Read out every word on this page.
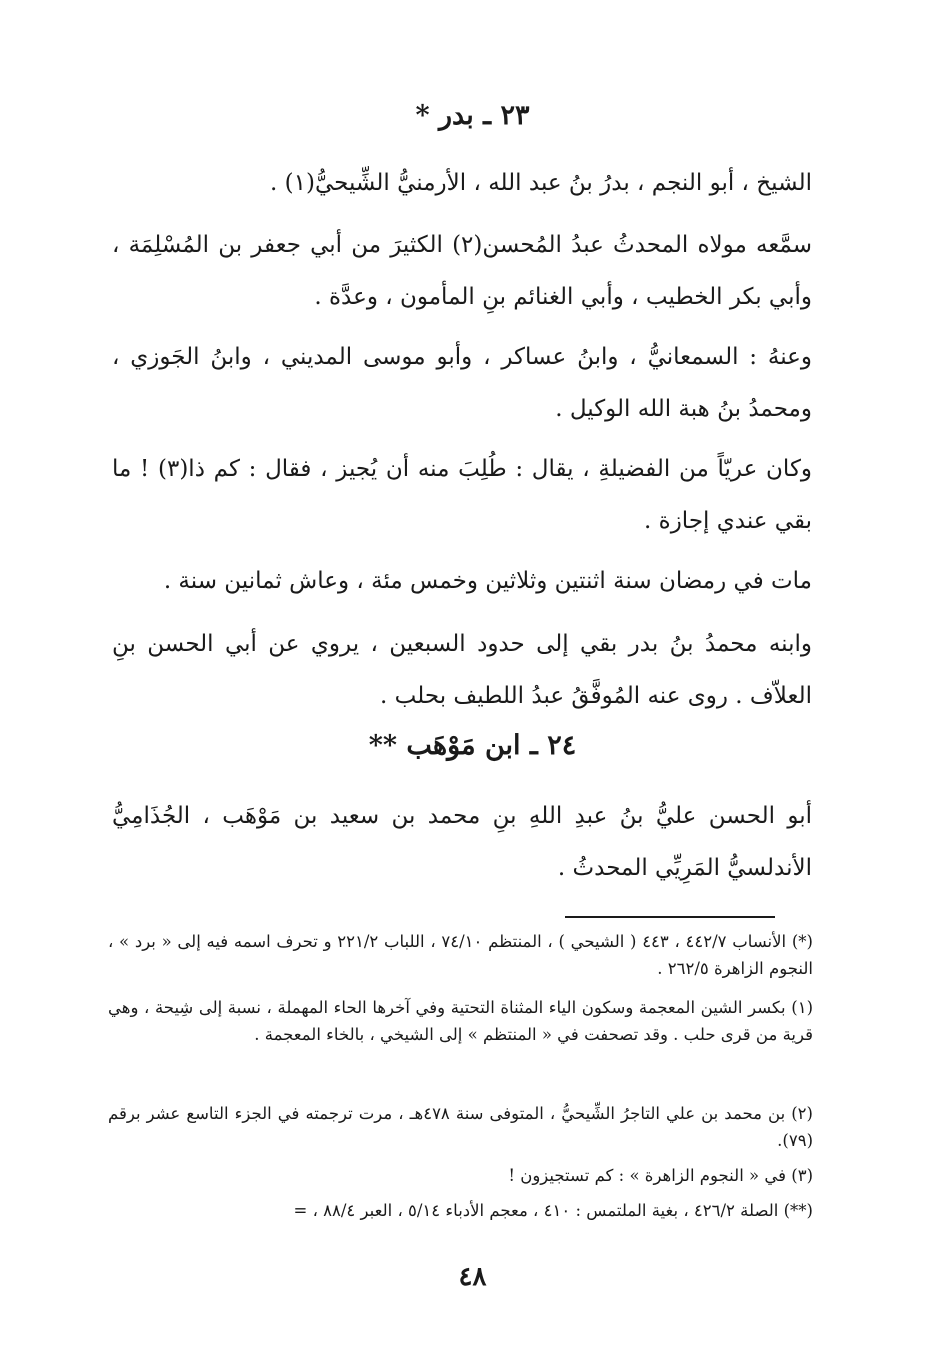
٢٣ ـ بدر *
الشيخ ، أبو النجم ، بدرُ بنُ عبد الله ، الأرمنيُّ الشِّيحيُّ(١) .
سمَّعه مولاه المحدثُ عبدُ المُحسن(٢) الكثيرَ من أبي جعفر بن المُسْلِمَة ، وأبي بكر الخطيب ، وأبي الغنائم بنِ المأمون ، وعدَّة .
وعنهُ : السمعانيُّ ، وابنُ عساكر ، وأبو موسى المديني ، وابنُ الجَوزي ، ومحمدُ بنُ هبة الله الوكيل .
وكان عريّاً من الفضيلةِ ، يقال : طُلِبَ منه أن يُجيز ، فقال : كم ذا(٣) ! ما بقي عندي إجازة .
مات في رمضان سنة اثنتين وثلاثين وخمس مئة ، وعاش ثمانين سنة .
وابنه محمدُ بنُ بدر بقي إلى حدود السبعين ، يروي عن أبي الحسن بنِ العلاّف . روى عنه المُوفَّقُ عبدُ اللطيف بحلب .
٢٤ ـ ابن مَوْهَب **
أبو الحسن عليُّ بنُ عبدِ اللهِ بنِ محمد بن سعيد بن مَوْهَب ، الجُذَامِيُّ الأندلسيُّ المَرِيِّي المحدثُ .
(*) الأنساب ٤٤٢/٧ ، ٤٤٣ ( الشيحي ) ، المنتظم ٧٤/١٠ ، اللباب ٢٢١/٢ و تحرف اسمه فيه إلى « برد » ، النجوم الزاهرة ٢٦٢/٥ .
(١) بكسر الشين المعجمة وسكون الياء المثناة التحتية وفي آخرها الحاء المهملة ، نسبة إلى شِيحة ، وهي قرية من قرى حلب . وقد تصحفت في « المنتظم » إلى الشيخي ، بالخاء المعجمة .
(٢) بن محمد بن علي التاجرُ الشِّيحيُّ ، المتوفى سنة ٤٧٨هـ ، مرت ترجمته في الجزء التاسع عشر برقم (٧٩).
(٣) في « النجوم الزاهرة » : كم تستجيزون !
(**) الصلة ٤٢٦/٢ ، بغية الملتمس : ٤١٠ ، معجم الأدباء ٥/١٤ ، العبر ٨٨/٤ ، =
٤٨
